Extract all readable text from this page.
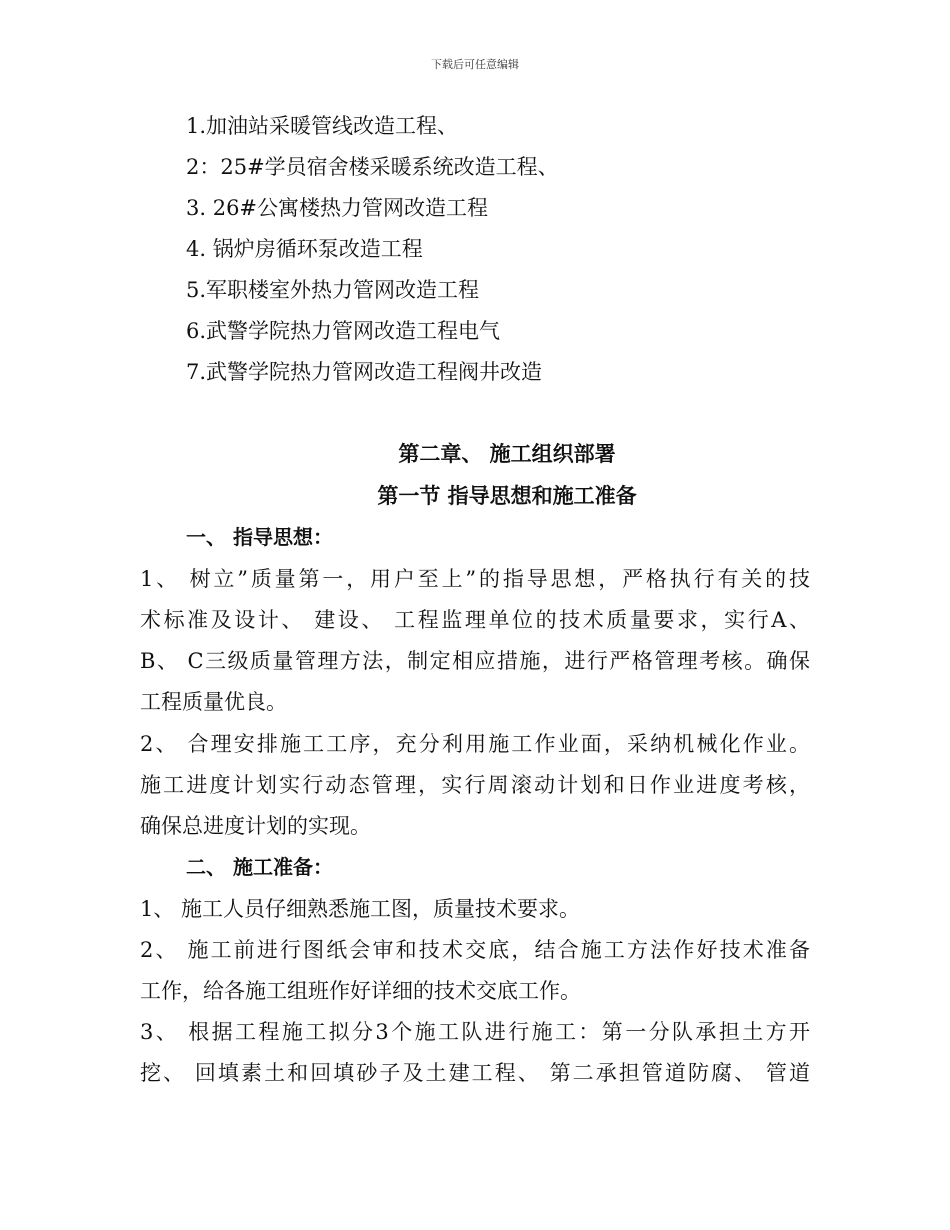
下载后可任意编辑
1.加油站采暖管线改造工程、
2：25#学员宿舍楼采暖系统改造工程、
3. 26#公寓楼热力管网改造工程
4. 锅炉房循环泵改造工程
5.军职楼室外热力管网改造工程
6.武警学院热力管网改造工程电气
7.武警学院热力管网改造工程阀井改造
第二章、 施工组织部署
第一节 指导思想和施工准备
一、 指导思想：
1、 树立”质量第一，用户至上”的指导思想，严格执行有关的技
术标准及设计、 建设、 工程监理单位的技术质量要求，实行A、
B、 C三级质量管理方法，制定相应措施，进行严格管理考核。确保
工程质量优良。
2、 合理安排施工工序，充分利用施工作业面，采纳机械化作业。
施工进度计划实行动态管理，实行周滚动计划和日作业进度考核，
确保总进度计划的实现。
二、 施工准备：
1、 施工人员仔细熟悉施工图，质量技术要求。
2、 施工前进行图纸会审和技术交底，结合施工方法作好技术准备
工作，给各施工组班作好详细的技术交底工作。
3、 根据工程施工拟分3个施工队进行施工：第一分队承担土方开
挖、 回填素土和回填砂子及土建工程、 第二承担管道防腐、 管道
